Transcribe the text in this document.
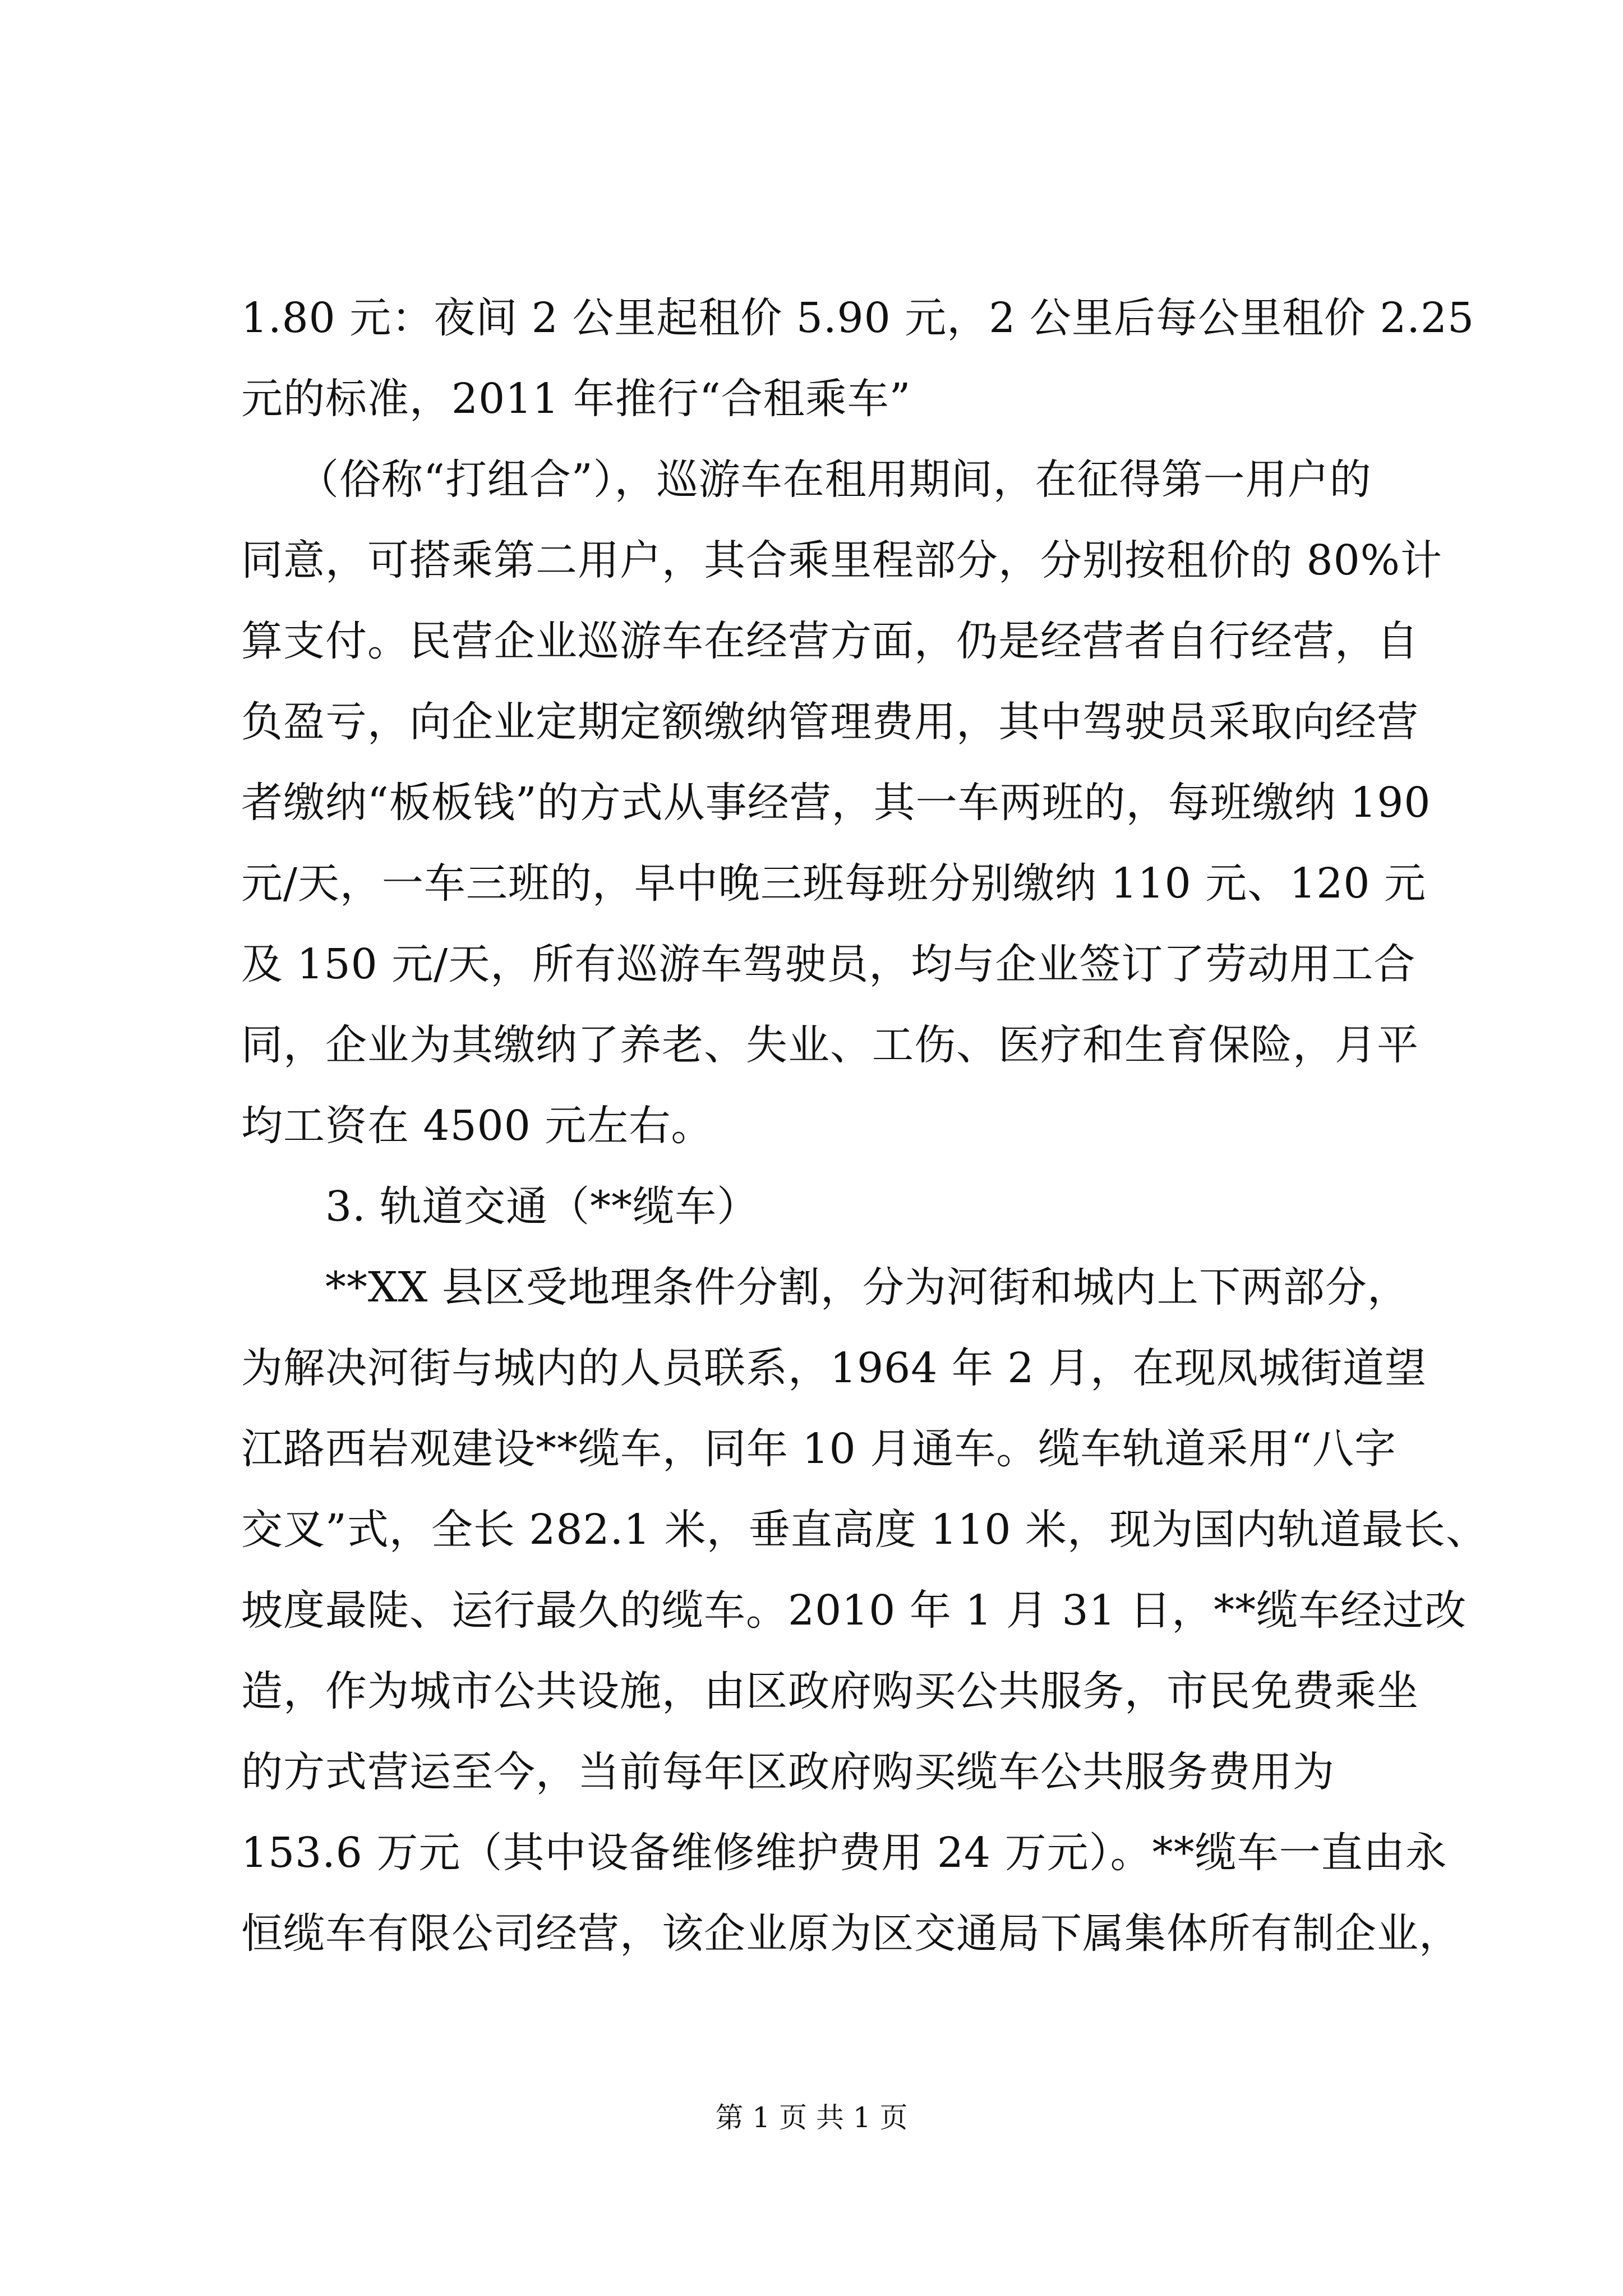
1.80 元：夜间 2 公里起租价 5.90 元，2 公里后每公里租价 2.25
元的标准，2011 年推行“合租乘车”
（俗称“打组合”），巡游车在租用期间，在征得第一用户的
同意，可搭乘第二用户，其合乘里程部分，分别按租价的 80%计
算支付。民营企业巡游车在经营方面，仍是经营者自行经营，自
负盈亏，向企业定期定额缴纳管理费用，其中驾驶员采取向经营
者缴纳“板板钱”的方式从事经营，其一车两班的，每班缴纳 190
元/天，一车三班的，早中晚三班每班分别缴纳 110 元、120 元
及 150 元/天，所有巡游车驾驶员，均与企业签订了劳动用工合
同，企业为其缴纳了养老、失业、工伤、医疗和生育保险，月平
均工资在 4500 元左右。
3. 轨道交通（**缆车）
**XX 县区受地理条件分割，分为河街和城内上下两部分，
为解决河街与城内的人员联系，1964 年 2 月，在现凤城街道望
江路西岩观建设**缆车，同年 10 月通车。缆车轨道采用“八字
交叉”式，全长 282.1 米，垂直高度 110 米，现为国内轨道最长、
坡度最陡、运行最久的缆车。2010 年 1 月 31 日，**缆车经过改
造，作为城市公共设施，由区政府购买公共服务，市民免费乘坐
的方式营运至今，当前每年区政府购买缆车公共服务费用为
153.6 万元（其中设备维修维护费用 24 万元）。**缆车一直由永
恒缆车有限公司经营，该企业原为区交通局下属集体所有制企业，
第 1 页 共 1 页
